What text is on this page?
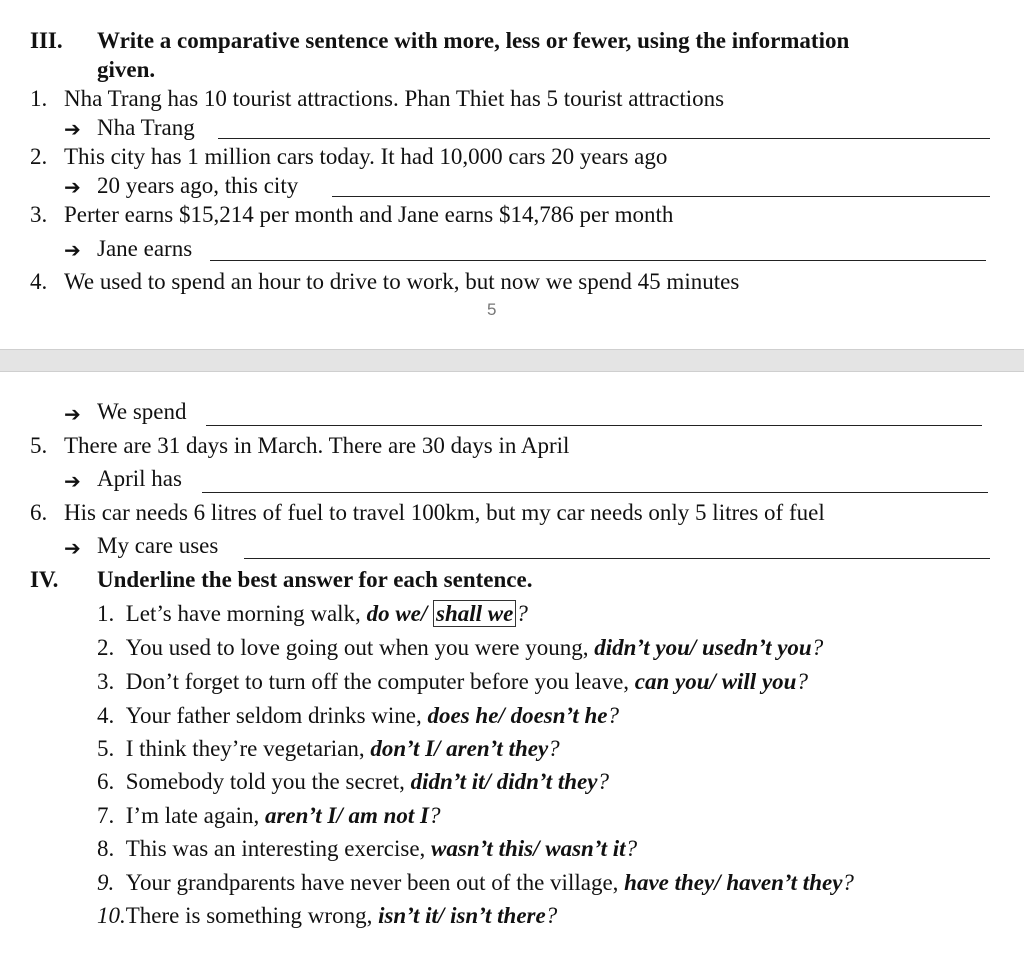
III. Write a comparative sentence with more, less or fewer, using the information
given.
1. Nha Trang has 10 tourist attractions. Phan Thiet has 5 tourist attractions
➔ Nha Trang
2. This city has 1 million cars today. It had 10,000 cars 20 years ago
➔ 20 years ago, this city
3. Perter earns $15,214 per month and Jane earns $14,786 per month
➔ Jane earns
4. We used to spend an hour to drive to work, but now we spend 45 minutes
5
➔ We spend
5. There are 31 days in March. There are 30 days in April
➔ April has
6. His car needs 6 litres of fuel to travel 100km, but my car needs only 5 litres of fuel
➔ My care uses
IV. Underline the best answer for each sentence.
1. Let’s have morning walk, do we/ shall we ?
2. You used to love going out when you were young, didn’t you/ usedn’t you?
3. Don’t forget to turn off the computer before you leave, can you/ will you?
4. Your father seldom drinks wine, does he/ doesn’t he?
5. I think they’re vegetarian, don’t I/ aren’t they?
6. Somebody told you the secret, didn’t it/ didn’t they?
7. I’m late again, aren’t I/ am not I?
8. This was an interesting exercise, wasn’t this/ wasn’t it?
9. Your grandparents have never been out of the village, have they/ haven’t they?
10.There is something wrong, isn’t it/ isn’t there?
